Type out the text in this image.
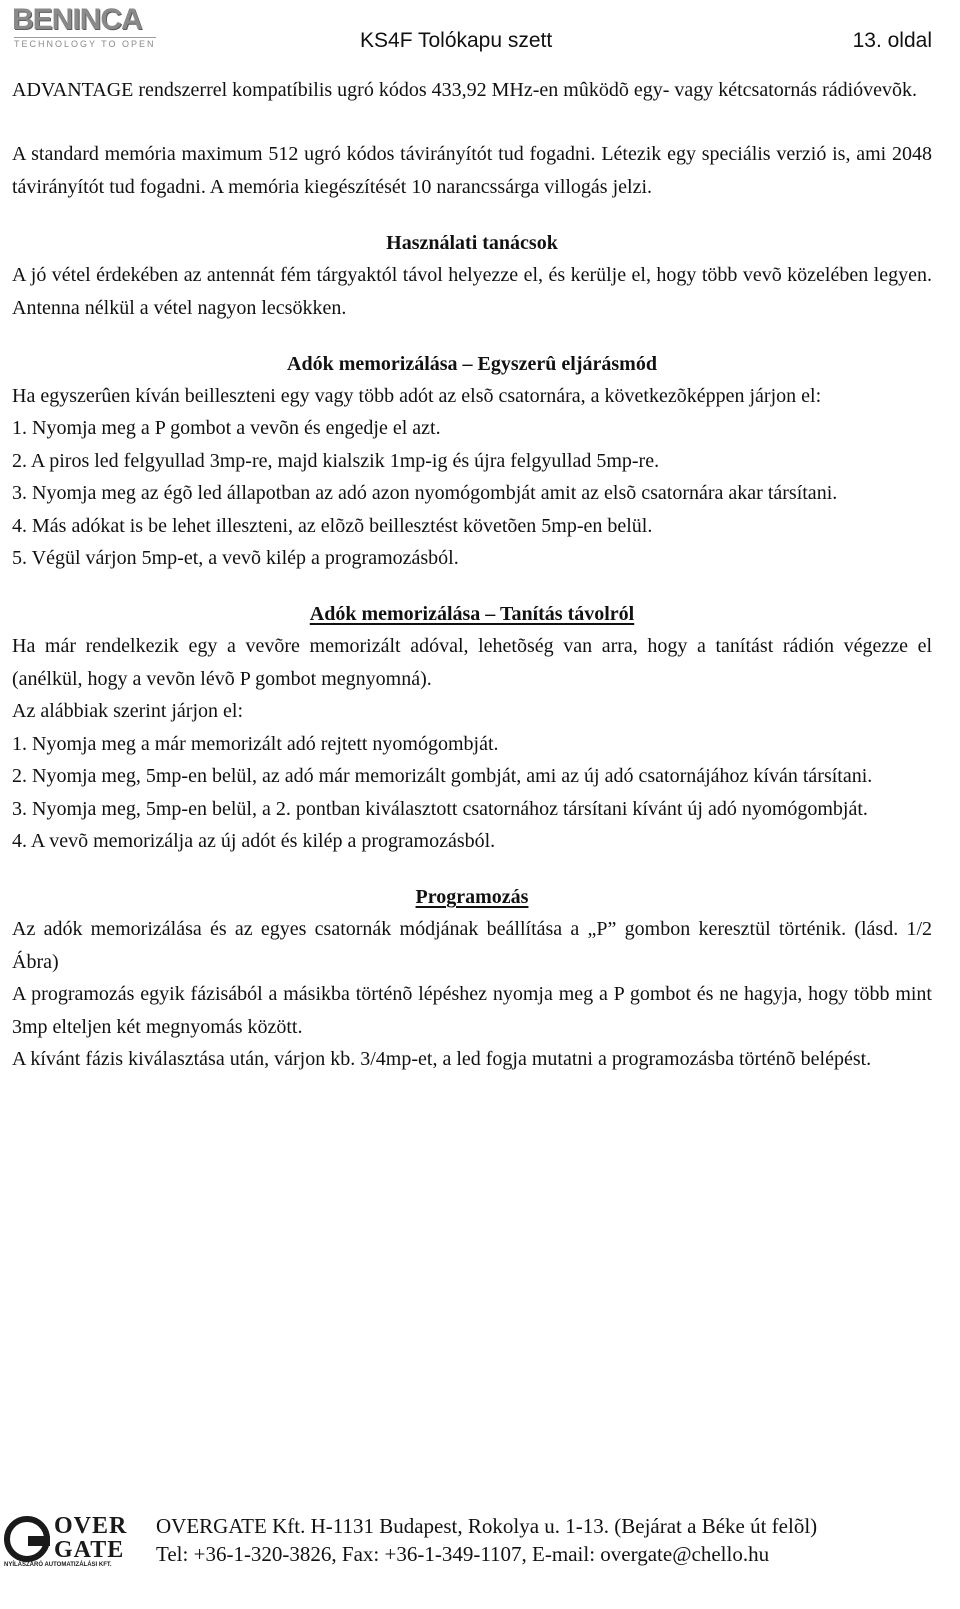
BENINCA
TECHNOLOGY TO OPEN	KS4F Tolókapu szett	13. oldal

ADVANTAGE rendszerrel kompatíbilis ugró kódos 433,92 MHz-en mûködõ egy- vagy kétcsatornás rádióvevõk.

A standard memória maximum 512 ugró kódos távirányítót tud fogadni. Létezik egy speciális verzió is, ami 2048 távirányítót tud fogadni. A memória kiegészítését 10 narancssárga villogás jelzi.

Használati tanácsok

A jó vétel érdekében az antennát fém tárgyaktól távol helyezze el, és kerülje el, hogy több vevõ közelében legyen. Antenna nélkül a vétel nagyon lecsökken.

Adók memorizálása – Egyszerû eljárásmód

Ha egyszerûen kíván beilleszteni egy vagy több adót az elsõ csatornára, a következõképpen járjon el:

1. Nyomja meg a P gombot a vevõn és engedje el azt.

2. A piros led felgyullad 3mp-re, majd kialszik 1mp-ig és újra felgyullad 5mp-re.

3. Nyomja meg az égõ led állapotban az adó azon nyomógombját amit az elsõ csatornára akar társítani.

4. Más adókat is be lehet illeszteni, az elõzõ beillesztést követõen 5mp-en belül.

5. Végül várjon 5mp-et, a vevõ kilép a programozásból.

Adók memorizálása – Tanítás távolról

Ha már rendelkezik egy a vevõre memorizált adóval, lehetõség van arra, hogy a tanítást rádión végezze el (anélkül, hogy a vevõn lévõ P gombot megnyomná).

Az alábbiak szerint járjon el:

1. Nyomja meg a már memorizált adó rejtett nyomógombját.

2. Nyomja meg, 5mp-en belül, az adó már memorizált gombját, ami az új adó csatornájához kíván társítani.

3. Nyomja meg, 5mp-en belül, a 2. pontban kiválasztott csatornához társítani kívánt új adó nyomógombját.

4. A vevõ memorizálja az új adót és kilép a programozásból.

Programozás

Az adók memorizálása és az egyes csatornák módjának beállítása a „P” gombon keresztül történik. (lásd. 1/2 Ábra)

A programozás egyik fázisából a másikba történõ lépéshez nyomja meg a P gombot és ne hagyja, hogy több mint 3mp elteljen két megnyomás között.

A kívánt fázis kiválasztása után, várjon kb. 3/4mp-et, a led fogja mutatni a programozásba történõ belépést.

OVER
GATE
NYÍLÁSZÁRÓ AUTOMATIZÁLÁSI KFT.
OVERGATE Kft. H-1131 Budapest, Rokolya u. 1-13. (Bejárat a Béke út felõl)
Tel: +36-1-320-3826, Fax: +36-1-349-1107, E-mail: overgate@chello.hu
